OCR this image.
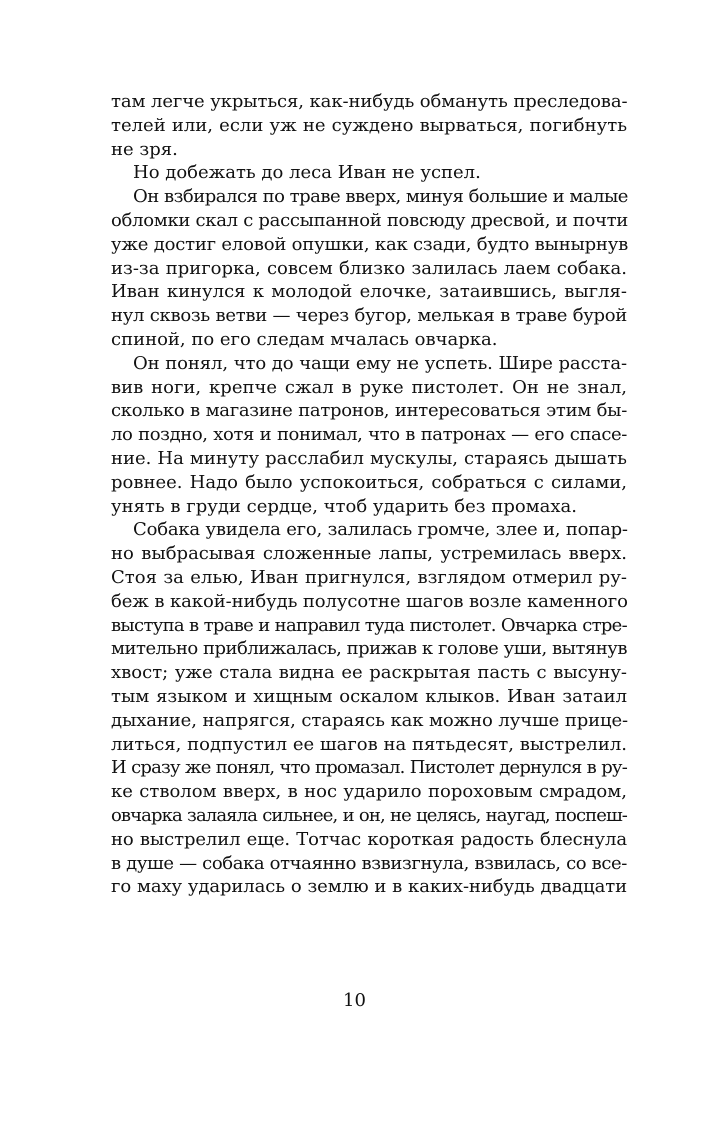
там легче укрыться, как-нибудь обмануть преследова-
телей или, если уж не суждено вырваться, погибнуть
не зря.
Но добежать до леса Иван не успел.
Он взбирался по траве вверх, минуя большие и малые
обломки скал с рассыпанной повсюду дресвой, и почти
уже достиг еловой опушки, как сзади, будто вынырнув
из-за пригорка, совсем близко залилась лаем собака.
Иван кинулся к молодой елочке, затаившись, выгля-
нул сквозь ветви — через бугор, мелькая в траве бурой
спиной, по его следам мчалась овчарка.
Он понял, что до чащи ему не успеть. Шире расста-
вив ноги, крепче сжал в руке пистолет. Он не знал,
сколько в магазине патронов, интересоваться этим бы-
ло поздно, хотя и понимал, что в патронах — его спасе-
ние. На минуту расслабил мускулы, стараясь дышать
ровнее. Надо было успокоиться, собраться с силами,
унять в груди сердце, чтоб ударить без промаха.
Собака увидела его, залилась громче, злее и, попар-
но выбрасывая сложенные лапы, устремилась вверх.
Стоя за елью, Иван пригнулся, взглядом отмерил ру-
беж в какой-нибудь полусотне шагов возле каменного
выступа в траве и направил туда пистолет. Овчарка стре-
мительно приближалась, прижав к голове уши, вытянув
хвост; уже стала видна ее раскрытая пасть с высуну-
тым языком и хищным оскалом клыков. Иван затаил
дыхание, напрягся, стараясь как можно лучше прице-
литься, подпустил ее шагов на пятьдесят, выстрелил.
И сразу же понял, что промазал. Пистолет дернулся в ру-
ке стволом вверх, в нос ударило пороховым смрадом,
овчарка залаяла сильнее, и он, не целясь, наугад, поспеш-
но выстрелил еще. Тотчас короткая радость блеснула
в душе — собака отчаянно взвизгнула, взвилась, со все-
го маху ударилась о землю и в каких-нибудь двадцати
10
